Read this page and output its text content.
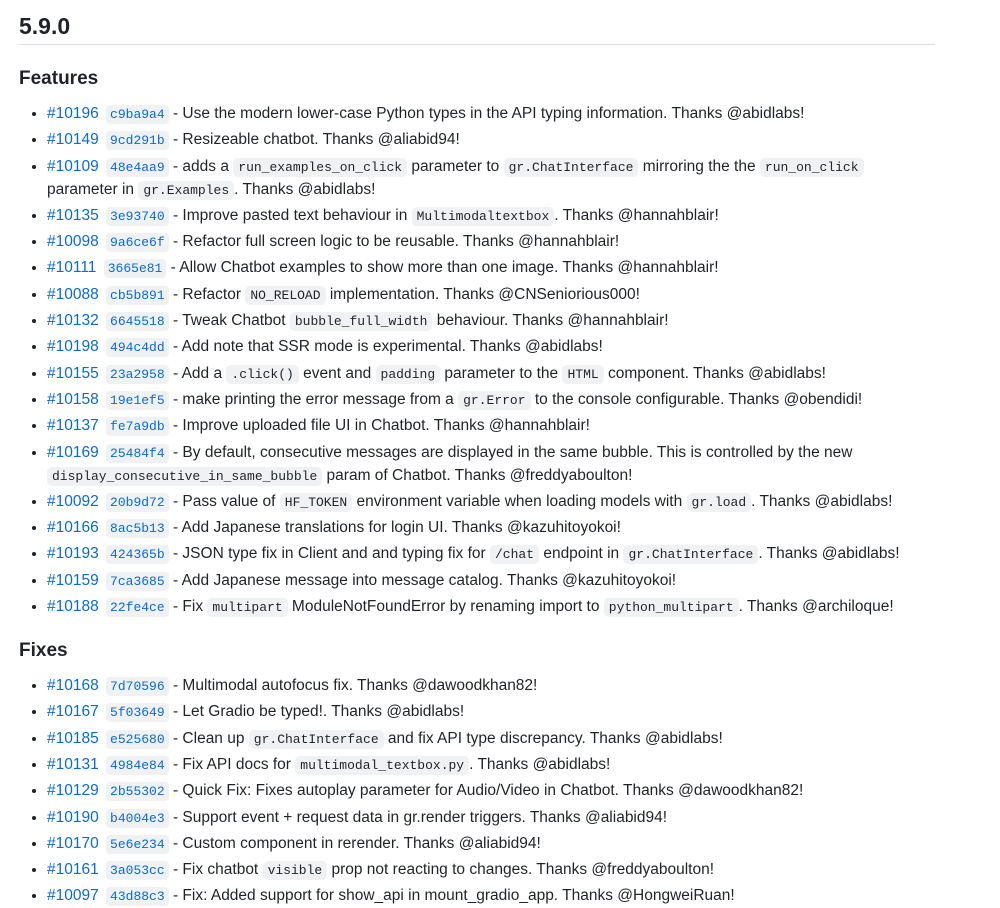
5.9.0
Features
• #10196 c9ba9a4 - Use the modern lower-case Python types in the API typing information. Thanks @abidlabs!
• #10149 9cd291b - Resizeable chatbot. Thanks @aliabid94!
• #10109 48e4aa9 - adds a run_examples_on_click parameter to gr.ChatInterface mirroring the the run_on_click parameter in gr.Examples . Thanks @abidlabs!
• #10135 3e93740 - Improve pasted text behaviour in Multimodaltextbox . Thanks @hannahblair!
• #10098 9a6ce6f - Refactor full screen logic to be reusable. Thanks @hannahblair!
• #10111 3665e81 - Allow Chatbot examples to show more than one image. Thanks @hannahblair!
• #10088 cb5b891 - Refactor NO_RELOAD implementation. Thanks @CNSeniorious000!
• #10132 6645518 - Tweak Chatbot bubble_full_width behaviour. Thanks @hannahblair!
• #10198 494c4dd - Add note that SSR mode is experimental. Thanks @abidlabs!
• #10155 23a2958 - Add a .click() event and padding parameter to the HTML component. Thanks @abidlabs!
• #10158 19e1ef5 - make printing the error message from a gr.Error to the console configurable. Thanks @obendidi!
• #10137 fe7a9db - Improve uploaded file UI in Chatbot. Thanks @hannahblair!
• #10169 25484f4 - By default, consecutive messages are displayed in the same bubble. This is controlled by the new display_consecutive_in_same_bubble param of Chatbot. Thanks @freddyaboulton!
• #10092 20b9d72 - Pass value of HF_TOKEN environment variable when loading models with gr.load . Thanks @abidlabs!
• #10166 8ac5b13 - Add Japanese translations for login UI. Thanks @kazuhitoyokoi!
• #10193 424365b - JSON type fix in Client and and typing fix for /chat endpoint in gr.ChatInterface . Thanks @abidlabs!
• #10159 7ca3685 - Add Japanese message into message catalog. Thanks @kazuhitoyokoi!
• #10188 22fe4ce - Fix multipart ModuleNotFoundError by renaming import to python_multipart . Thanks @archiloque!
Fixes
• #10168 7d70596 - Multimodal autofocus fix. Thanks @dawoodkhan82!
• #10167 5f03649 - Let Gradio be typed!. Thanks @abidlabs!
• #10185 e525680 - Clean up gr.ChatInterface and fix API type discrepancy. Thanks @abidlabs!
• #10131 4984e84 - Fix API docs for multimodal_textbox.py . Thanks @abidlabs!
• #10129 2b55302 - Quick Fix: Fixes autoplay parameter for Audio/Video in Chatbot. Thanks @dawoodkhan82!
• #10190 b4004e3 - Support event + request data in gr.render triggers. Thanks @aliabid94!
• #10170 5e6e234 - Custom component in rerender. Thanks @aliabid94!
• #10161 3a053cc - Fix chatbot visible prop not reacting to changes. Thanks @freddyaboulton!
• #10097 43d88c3 - Fix: Added support for show_api in mount_gradio_app. Thanks @HongweiRuan!
